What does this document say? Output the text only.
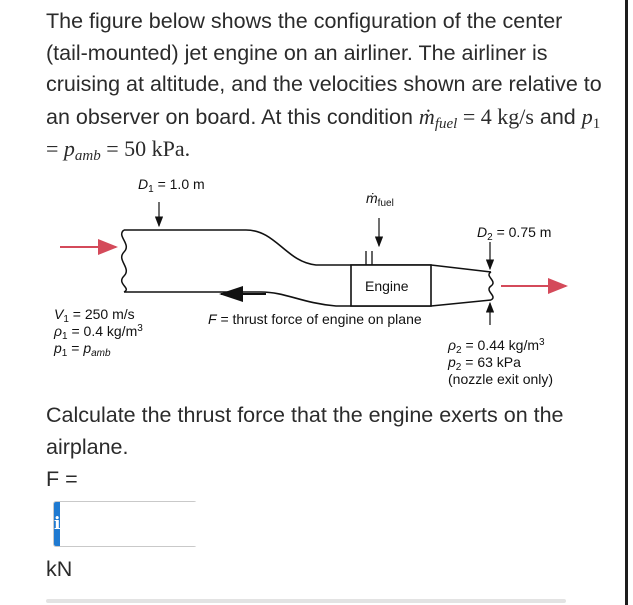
The figure below shows the configuration of the center (tail-mounted) jet engine on an airliner. The airliner is cruising at altitude, and the velocities shown are relative to an observer on board. At this condition ṁ$_{fuel}$ = 4 kg/s and $p_1 = p_{amb} = 50$ kPa.
$D_1 = 1.0$ m
ṁ$_{fuel}$
$D_2 = 0.75$ m
Engine
F = thrust force of engine on plane
$V_1 = 250$ m/s
$\rho_1 = 0.4$ $kg/m^3$
$p_1 = p_{amb}$
$\rho_2 = 0.44$ $kg/m^3$
$p_2 = 63$ kPa
(nozzle exit only)
Calculate the thrust force that the engine exerts on the airplane.
F =
i
kN
